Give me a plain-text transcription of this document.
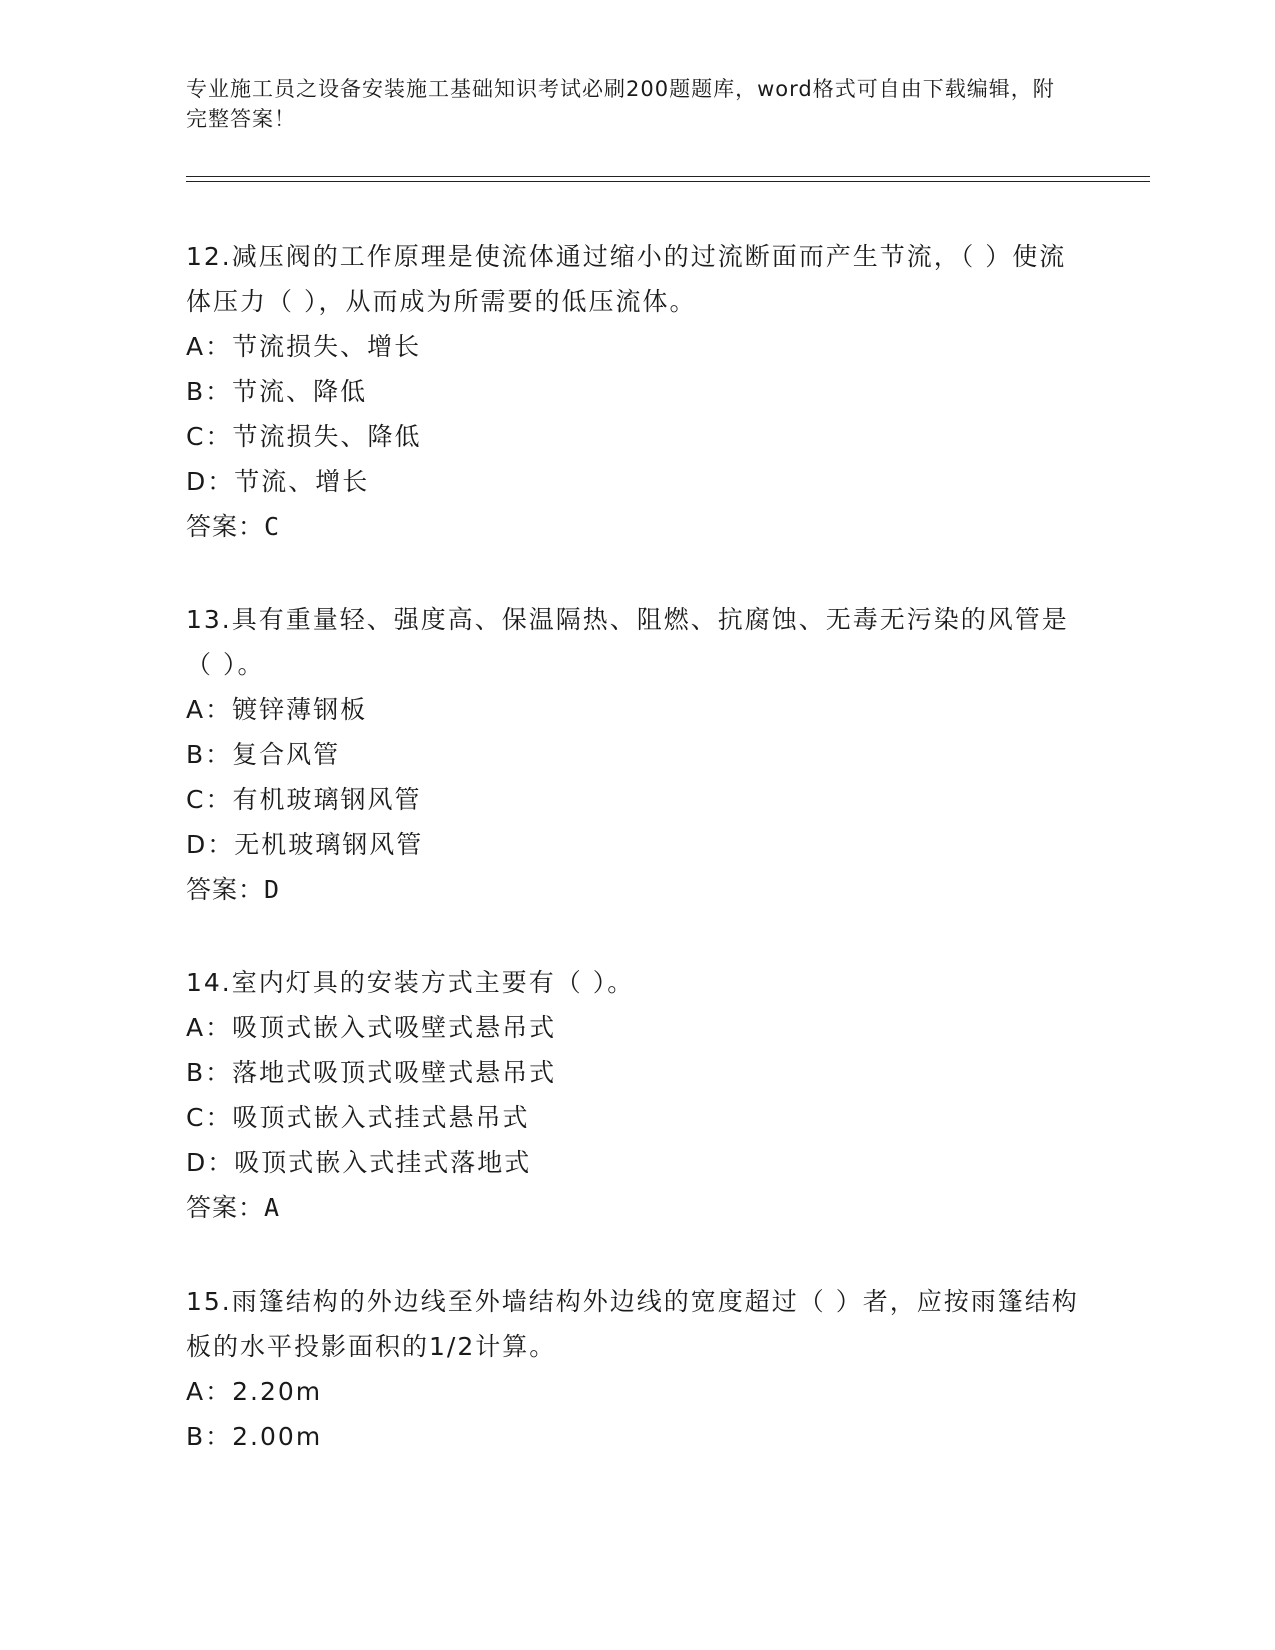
专业施工员之设备安装施工基础知识考试必刷200题题库，word格式可自由下载编辑，附完整答案！
12.减压阀的工作原理是使流体通过缩小的过流断面而产生节流，（ ）使流体压力（ ），从而成为所需要的低压流体。
A：节流损失、增长
B：节流、降低
C：节流损失、降低
D：节流、增长
答案：C
13.具有重量轻、强度高、保温隔热、阻燃、抗腐蚀、无毒无污染的风管是（ ）。
A：镀锌薄钢板
B：复合风管
C：有机玻璃钢风管
D：无机玻璃钢风管
答案：D
14.室内灯具的安装方式主要有（ ）。
A：吸顶式嵌入式吸壁式悬吊式
B：落地式吸顶式吸壁式悬吊式
C：吸顶式嵌入式挂式悬吊式
D：吸顶式嵌入式挂式落地式
答案：A
15.雨篷结构的外边线至外墙结构外边线的宽度超过（ ）者，应按雨篷结构板的水平投影面积的1/2计算。
A：2.20m
B：2.00m
